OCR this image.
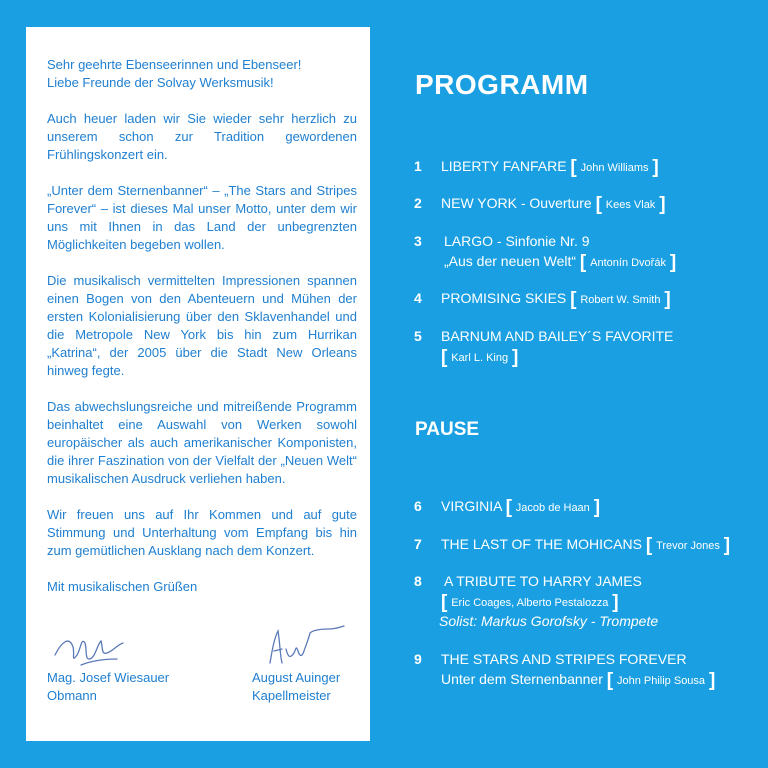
Sehr geehrte Ebenseerinnen und Ebenseer!
Liebe Freunde der Solvay Werksmusik!

Auch heuer laden wir Sie wieder sehr herzlich zu unserem schon zur Tradition gewordenen Frühlingskonzert ein.

„Unter dem Sternenbanner“ – „The Stars and Stripes Forever“ – ist dieses Mal unser Motto, unter dem wir uns mit Ihnen in das Land der unbegrenzten Möglichkeiten begeben wollen.

Die musikalisch vermittelten Impressionen spannen einen Bogen von den Abenteuern und Mühen der ersten Kolonialisierung über den Sklavenhandel und die Metropole New York bis hin zum Hurrikan „Katrina“, der 2005 über die Stadt New Orleans hinweg fegte.

Das abwechslungsreiche und mitreißende Programm beinhaltet eine Auswahl von Werken sowohl europäischer als auch amerikanischer Komponisten, die ihrer Faszination von der Vielfalt der „Neuen Welt“ musikalischen Ausdruck verliehen haben.

Wir freuen uns auf Ihr Kommen und auf gute Stimmung und Unterhaltung vom Empfang bis hin zum gemütlichen Ausklang nach dem Konzert.

Mit musikalischen Grüßen

Mag. Josef Wiesauer
Obmann
August Auinger
Kapellmeister
PROGRAMM
1 LIBERTY FANFARE [ John Williams ]
2 NEW YORK - Ouverture [ Kees Vlak ]
3 LARGO - Sinfonie Nr. 9
„Aus der neuen Welt“ [ Antonín Dvořák ]
4 PROMISING SKIES [ Robert W. Smith ]
5 BARNUM AND BAILEY´S FAVORITE
[ Karl L. King ]
PAUSE
6 VIRGINIA [ Jacob de Haan ]
7 THE LAST OF THE MOHICANS [ Trevor Jones ]
8 A TRIBUTE TO HARRY JAMES
[ Eric Coages, Alberto Pestalozza ]
Solist: Markus Gorofsky - Trompete
9 THE STARS AND STRIPES FOREVER
Unter dem Sternenbanner [ John Philip Sousa ]
